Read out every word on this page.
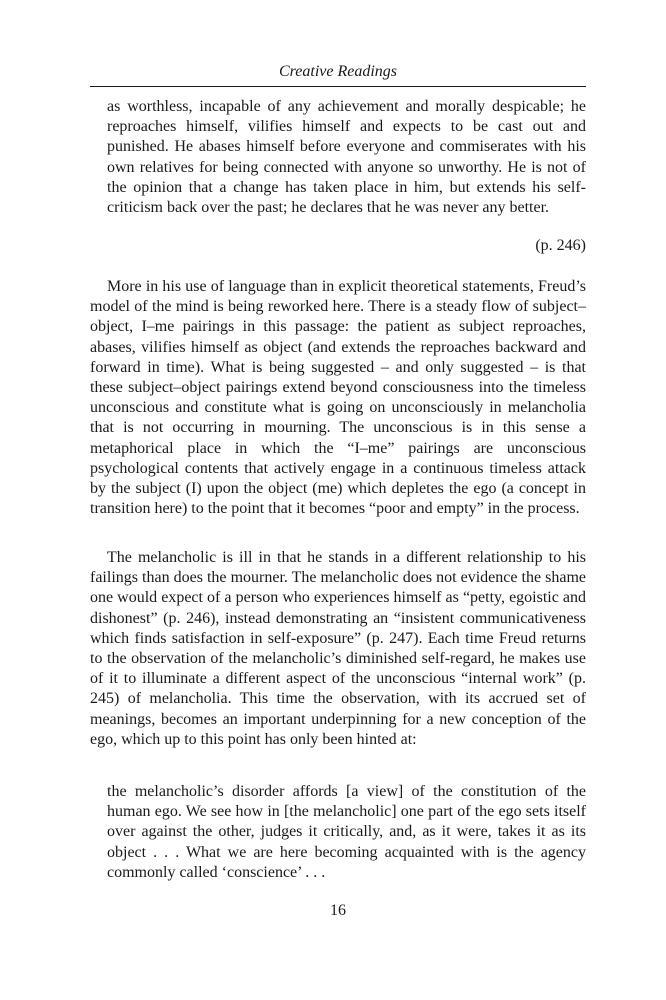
Creative Readings
as worthless, incapable of any achievement and morally despicable; he reproaches himself, vilifies himself and expects to be cast out and punished. He abases himself before everyone and commiserates with his own relatives for being connected with anyone so unworthy. He is not of the opinion that a change has taken place in him, but extends his self-criticism back over the past; he declares that he was never any better.
(p. 246)
More in his use of language than in explicit theoretical statements, Freud’s model of the mind is being reworked here. There is a steady flow of subject–object, I–me pairings in this passage: the patient as subject reproaches, abases, vilifies himself as object (and extends the reproaches backward and forward in time). What is being suggested – and only suggested – is that these subject–object pairings extend beyond consciousness into the timeless unconscious and constitute what is going on unconsciously in melancholia that is not occurring in mourning. The unconscious is in this sense a metaphorical place in which the “I–me” pairings are unconscious psychological contents that actively engage in a continuous timeless attack by the subject (I) upon the object (me) which depletes the ego (a concept in transition here) to the point that it becomes “poor and empty” in the process.
The melancholic is ill in that he stands in a different relationship to his failings than does the mourner. The melancholic does not evidence the shame one would expect of a person who experiences himself as “petty, egoistic and dishonest” (p. 246), instead demonstrating an “insistent communicativeness which finds satisfaction in self-exposure” (p. 247). Each time Freud returns to the observation of the melancholic’s diminished self-regard, he makes use of it to illuminate a different aspect of the unconscious “internal work” (p. 245) of melancholia. This time the observation, with its accrued set of meanings, becomes an important underpinning for a new conception of the ego, which up to this point has only been hinted at:
the melancholic’s disorder affords [a view] of the constitution of the human ego. We see how in [the melancholic] one part of the ego sets itself over against the other, judges it critically, and, as it were, takes it as its object . . . What we are here becoming acquainted with is the agency commonly called ‘conscience’ . . .
16
